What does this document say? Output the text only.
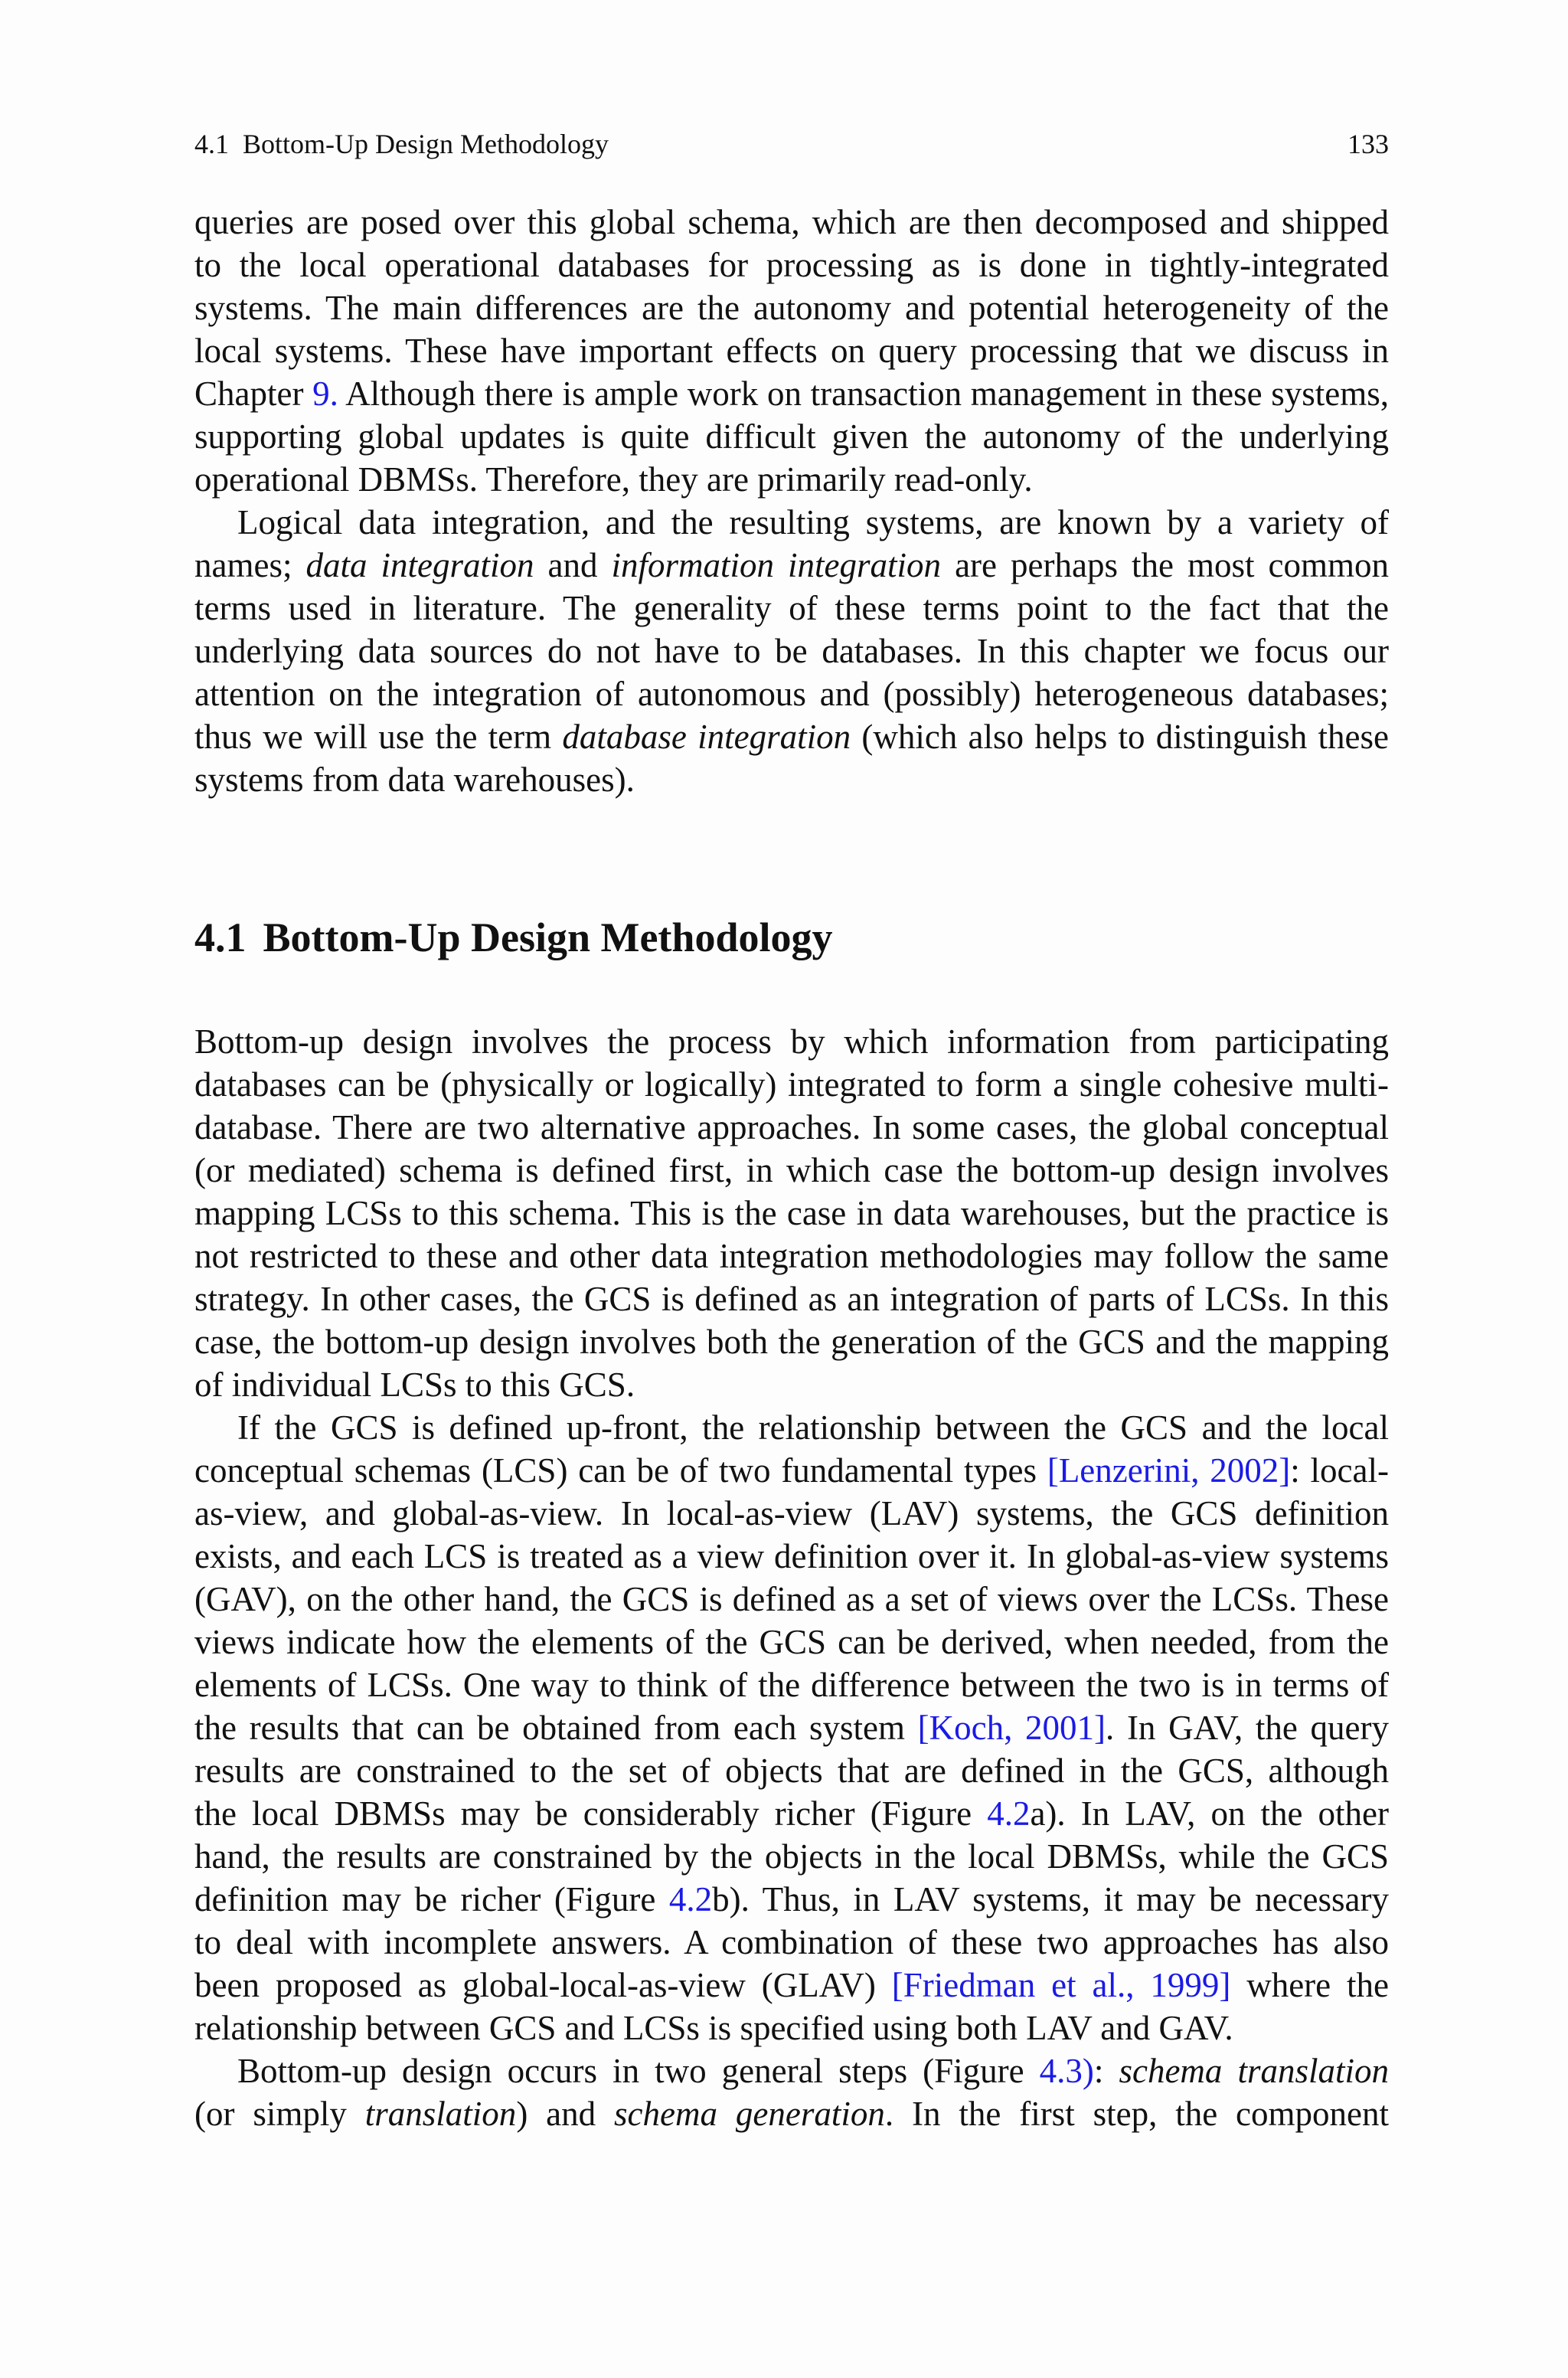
4.1  Bottom-Up Design Methodology	133
queries are posed over this global schema, which are then decomposed and shipped
to the local operational databases for processing as is done in tightly-integrated
systems. The main differences are the autonomy and potential heterogeneity of the
local systems. These have important effects on query processing that we discuss in
Chapter 9. Although there is ample work on transaction management in these systems,
supporting global updates is quite difficult given the autonomy of the underlying
operational DBMSs. Therefore, they are primarily read-only.
Logical data integration, and the resulting systems, are known by a variety of
names; data integration and information integration are perhaps the most common
terms used in literature. The generality of these terms point to the fact that the
underlying data sources do not have to be databases. In this chapter we focus our
attention on the integration of autonomous and (possibly) heterogeneous databases;
thus we will use the term database integration (which also helps to distinguish these
systems from data warehouses).
4.1 Bottom-Up Design Methodology
Bottom-up design involves the process by which information from participating
databases can be (physically or logically) integrated to form a single cohesive multi-
database. There are two alternative approaches. In some cases, the global conceptual
(or mediated) schema is defined first, in which case the bottom-up design involves
mapping LCSs to this schema. This is the case in data warehouses, but the practice is
not restricted to these and other data integration methodologies may follow the same
strategy. In other cases, the GCS is defined as an integration of parts of LCSs. In this
case, the bottom-up design involves both the generation of the GCS and the mapping
of individual LCSs to this GCS.
If the GCS is defined up-front, the relationship between the GCS and the local
conceptual schemas (LCS) can be of two fundamental types [Lenzerini, 2002]: local-
as-view, and global-as-view. In local-as-view (LAV) systems, the GCS definition
exists, and each LCS is treated as a view definition over it. In global-as-view systems
(GAV), on the other hand, the GCS is defined as a set of views over the LCSs. These
views indicate how the elements of the GCS can be derived, when needed, from the
elements of LCSs. One way to think of the difference between the two is in terms of
the results that can be obtained from each system [Koch, 2001]. In GAV, the query
results are constrained to the set of objects that are defined in the GCS, although
the local DBMSs may be considerably richer (Figure 4.2a). In LAV, on the other
hand, the results are constrained by the objects in the local DBMSs, while the GCS
definition may be richer (Figure 4.2b). Thus, in LAV systems, it may be necessary
to deal with incomplete answers. A combination of these two approaches has also
been proposed as global-local-as-view (GLAV) [Friedman et al., 1999] where the
relationship between GCS and LCSs is specified using both LAV and GAV.
Bottom-up design occurs in two general steps (Figure 4.3): schema translation
(or simply translation) and schema generation. In the first step, the component
